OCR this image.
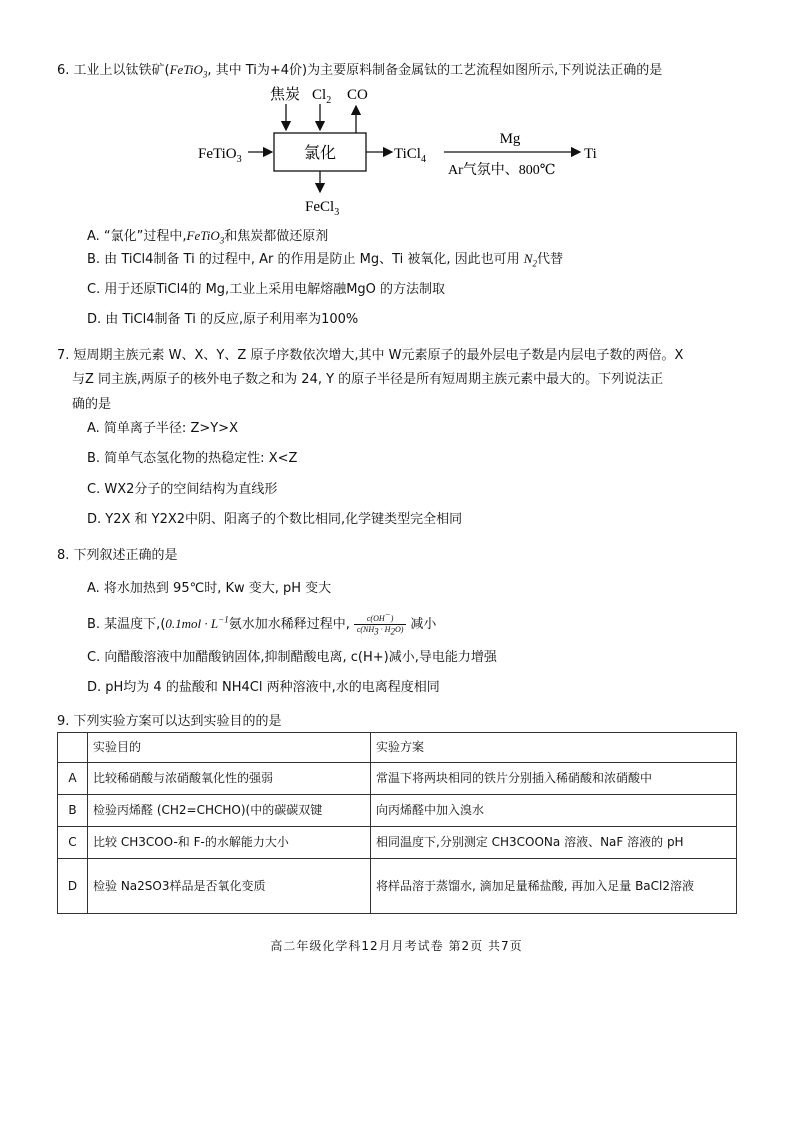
6. 工业上以钛铁矿(FeTiO$_3$, 其中 Ti为+4价)为主要原料制备金属钛的工艺流程如图所示,下列说法正确的是
FeTiO$_3$	氯化
焦炭 $Cl_2$ CO
TiCl$_4$
Mg
Ar气氛中、800℃
Ti
FeCl$_3$
A. “氯化”过程中,FeTiO$_3$和焦炭都做还原剂
B. 由 TiCl4制备 Ti 的过程中, Ar 的作用是防止 Mg、Ti 被氧化, 因此也可用 $N_2$代替
C. 用于还原TiCl4的 Mg,工业上采用电解熔融MgO 的方法制取
D. 由 TiCl4制备 Ti 的反应,原子利用率为100%
7. 短周期主族元素 W、X、Y、Z 原子序数依次增大,其中 W元素原子的最外层电子数是内层电子数的两倍。X
与Z 同主族,两原子的核外电子数之和为 24, Y 的原子半径是所有短周期主族元素中最大的。下列说法正
确的是
A. 简单离子半径: Z>Y>X
B. 简单气态氢化物的热稳定性: X<Z
C. WX2分子的空间结构为直线形
D. Y2X 和 Y2X2中阴、阳离子的个数比相同,化学键类型完全相同
8. 下列叙述正确的是
A. 将水加热到 95℃时, Kw 变大, pH 变大
B. 某温度下$,(0.1mol \cdot L^{-1}$氨水加水稀释过程中, $\frac{c(OH^-)}{c(NH_3 \cdot H_2O)}$ 减小
C. 向醋酸溶液中加醋酸钠固体,抑制醋酸电离, c(H+)减小,导电能力增强
D. pH均为 4 的盐酸和 NH4Cl 两种溶液中,水的电离程度相同
9. 下列实验方案可以达到实验目的的是
	实验目的	实验方案
A	比较稀硝酸与浓硝酸氧化性的强弱	常温下将两块相同的铁片分别插入稀硝酸和浓硝酸中
B	检验丙烯醛 (CH2=CHCHO)(中的碳碳双键	向丙烯醛中加入溴水
C	比较 CH3COO-和 F-的水解能力大小	相同温度下,分别测定 CH3COONa 溶液、NaF 溶液的 pH
D	检验 Na2SO3样品是否氧化变质	将样品溶于蒸馏水, 滴加足量稀盐酸, 再加入足量 BaCl2溶液
高二年级化学科12月月考试卷 第2页 共7页
